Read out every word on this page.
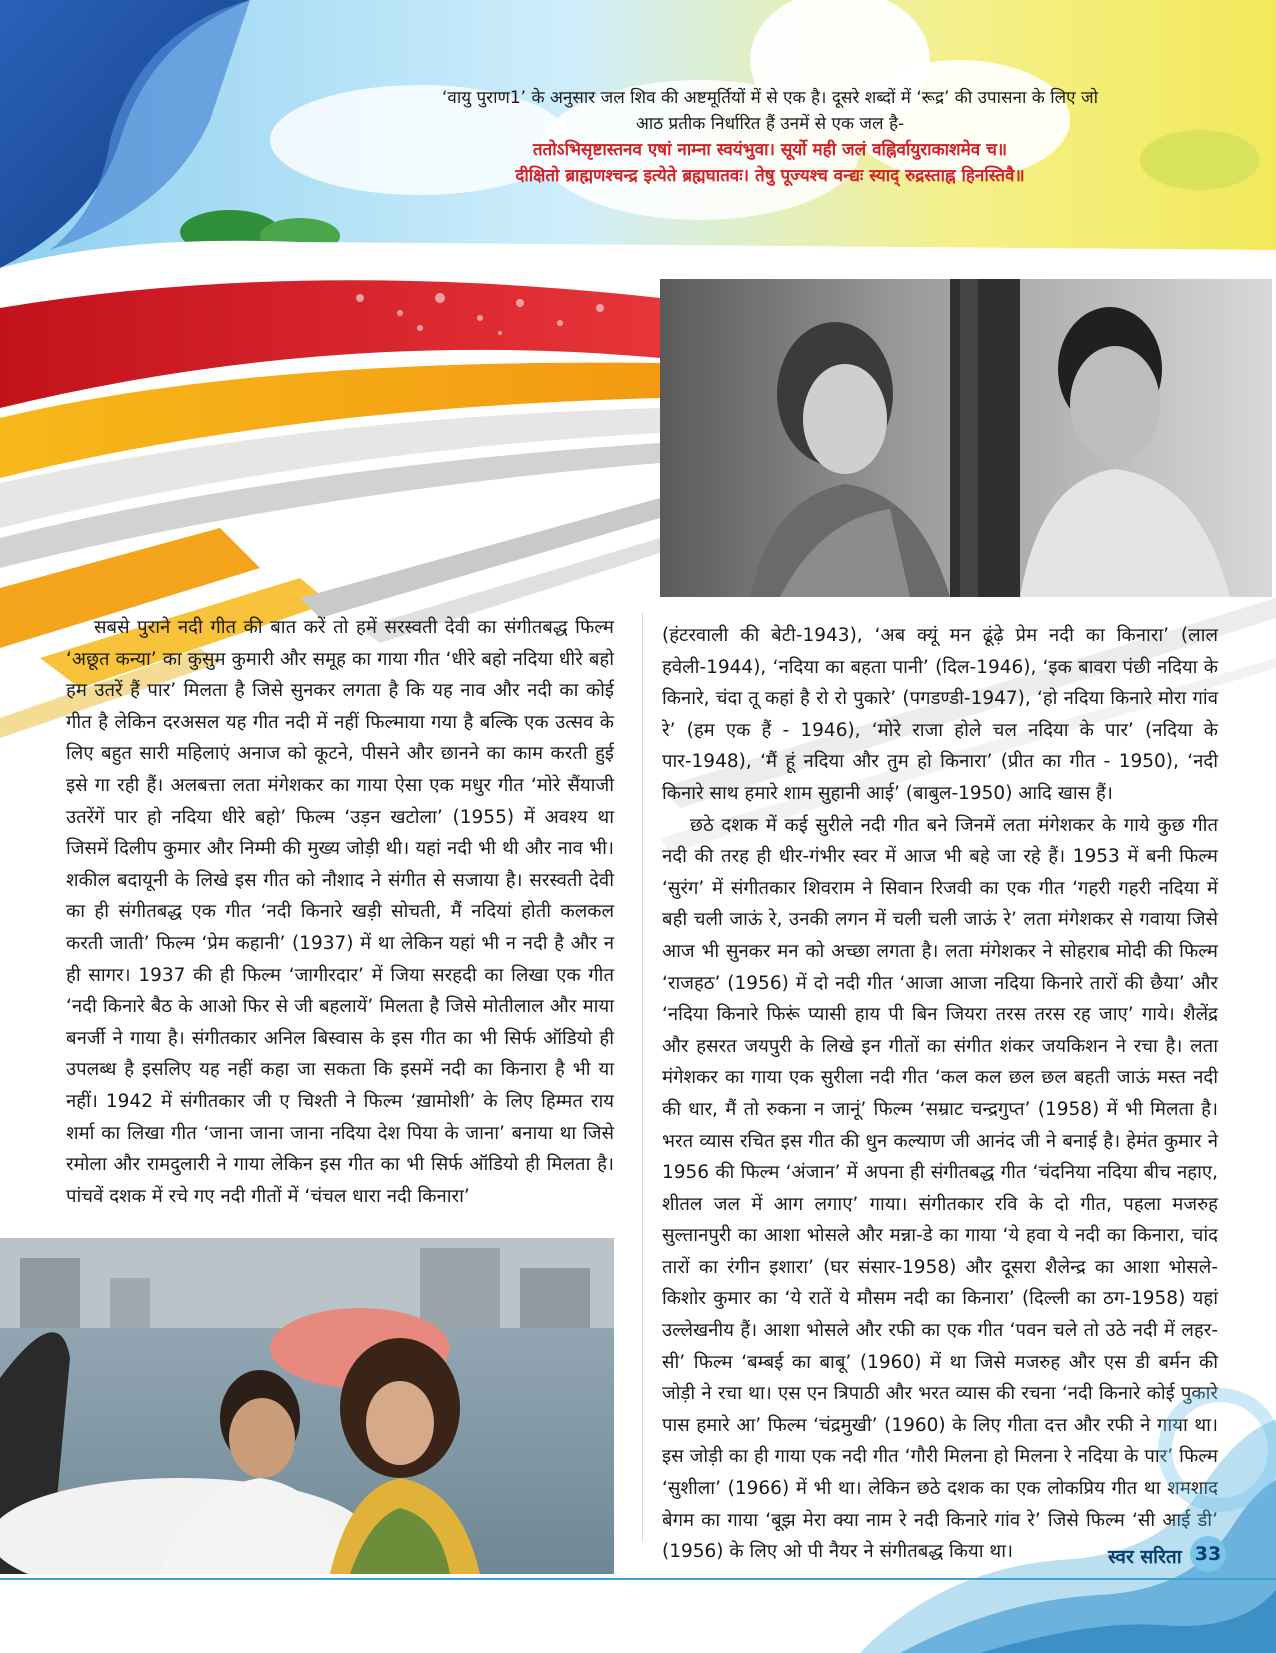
‘वायु पुराण1’ के अनुसार जल शिव की अष्टमूर्तियों में से एक है। दूसरे शब्दों में ‘रूद्र’ की उपासना के लिए जो
आठ प्रतीक निर्धारित हैं उनमें से एक जल है-
ततोऽभिसृष्टास्तनव एषां नाम्ना स्वयंभुवा। सूर्यो मही जलं वह्निर्वायुराकाशमेव च॥
दीक्षितो ब्राह्मणश्चन्द्र इत्येते ब्रह्मघातवः। तेषु पूज्यश्च वन्द्यः स्याद् रुद्रस्ताह्न हिनस्तिवै॥

सबसे पुराने नदी गीत की बात करें तो हमें सरस्वती देवी का संगीतबद्ध फिल्म ‘अछूत कन्या’ का कुसुम कुमारी और समूह का गाया गीत ‘धीरे बहो नदिया धीरे बहो हम उतरें हैं पार’ मिलता है जिसे सुनकर लगता है कि यह नाव और नदी का कोई गीत है लेकिन दरअसल यह गीत नदी में नहीं फिल्माया गया है बल्कि एक उत्सव के लिए बहुत सारी महिलाएं अनाज को कूटने, पीसने और छानने का काम करती हुई इसे गा रही हैं। अलबत्ता लता मंगेशकर का गाया ऐसा एक मधुर गीत ‘मोरे सैंयाजी उतरेंगें पार हो नदिया धीरे बहो’ फिल्म ‘उड़न खटोला’ (1955) में अवश्य था जिसमें दिलीप कुमार और निम्मी की मुख्य जोड़ी थी। यहां नदी भी थी और नाव भी। शकील बदायूनी के लिखे इस गीत को नौशाद ने संगीत से सजाया है। सरस्वती देवी का ही संगीतबद्ध एक गीत ‘नदी किनारे खड़ी सोचती, मैं नदियां होती कलकल करती जाती’ फिल्म ‘प्रेम कहानी’ (1937) में था लेकिन यहां भी न नदी है और न ही सागर। 1937 की ही फिल्म ‘जागीरदार’ में जिया सरहदी का लिखा एक गीत ‘नदी किनारे बैठ के आओ फिर से जी बहलायें’ मिलता है जिसे मोतीलाल और माया बनर्जी ने गाया है। संगीतकार अनिल बिस्वास के इस गीत का भी सिर्फ ऑडियो ही उपलब्ध है इसलिए यह नहीं कहा जा सकता कि इसमें नदी का किनारा है भी या नहीं। 1942 में संगीतकार जी ए चिश्ती ने फिल्म ‘ख़ामोशी’ के लिए हिम्मत राय शर्मा का लिखा गीत ‘जाना जाना जाना नदिया देश पिया के जाना’ बनाया था जिसे रमोला और रामदुलारी ने गाया लेकिन इस गीत का भी सिर्फ ऑडियो ही मिलता है। पांचवें दशक में रचे गए नदी गीतों में ‘चंचल धारा नदी किनारा’

(हंटरवाली की बेटी-1943), ‘अब क्यूं मन ढूंढ़े प्रेम नदी का किनारा’ (लाल हवेली-1944), ‘नदिया का बहता पानी’ (दिल-1946), ‘इक बावरा पंछी नदिया के किनारे, चंदा तू कहां है रो रो पुकारे’ (पगडण्डी-1947), ‘हो नदिया किनारे मोरा गांव रे’ (हम एक हैं - 1946), ‘मोरे राजा होले चल नदिया के पार’ (नदिया के पार-1948), ‘मैं हूं नदिया और तुम हो किनारा’ (प्रीत का गीत - 1950), ‘नदी किनारे साथ हमारे शाम सुहानी आई’ (बाबुल-1950) आदि खास हैं।

छठे दशक में कई सुरीले नदी गीत बने जिनमें लता मंगेशकर के गाये कुछ गीत नदी की तरह ही धीर-गंभीर स्वर में आज भी बहे जा रहे हैं। 1953 में बनी फिल्म ‘सुरंग’ में संगीतकार शिवराम ने सिवान रिजवी का एक गीत ‘गहरी गहरी नदिया में बही चली जाऊं रे, उनकी लगन में चली चली जाऊं रे’ लता मंगेशकर से गवाया जिसे आज भी सुनकर मन को अच्छा लगता है। लता मंगेशकर ने सोहराब मोदी की फिल्म ‘राजहठ’ (1956) में दो नदी गीत ‘आजा आजा नदिया किनारे तारों की छैया’ और ‘नदिया किनारे फिरूं प्यासी हाय पी बिन जियरा तरस तरस रह जाए’ गाये। शैलेंद्र और हसरत जयपुरी के लिखे इन गीतों का संगीत शंकर जयकिशन ने रचा है। लता मंगेशकर का गाया एक सुरीला नदी गीत ‘कल कल छल छल बहती जाऊं मस्त नदी की धार, मैं तो रुकना न जानूं’ फिल्म ‘सम्राट चन्द्रगुप्त’ (1958) में भी मिलता है। भरत व्यास रचित इस गीत की धुन कल्याण जी आनंद जी ने बनाई है। हेमंत कुमार ने 1956 की फिल्म ‘अंजान’ में अपना ही संगीतबद्ध गीत ‘चंदनिया नदिया बीच नहाए, शीतल जल में आग लगाए’ गाया। संगीतकार रवि के दो गीत, पहला मजरुह सुल्तानपुरी का आशा भोसले और मन्ना-डे का गाया ‘ये हवा ये नदी का किनारा, चांद तारों का रंगीन इशारा’ (घर संसार-1958) और दूसरा शैलेन्द्र का आशा भोसले-किशोर कुमार का ‘ये रातें ये मौसम नदी का किनारा’ (दिल्ली का ठग-1958) यहां उल्लेखनीय हैं। आशा भोसले और रफी का एक गीत ‘पवन चले तो उठे नदी में लहर-सी’ फिल्म ‘बम्बई का बाबू’ (1960) में था जिसे मजरुह और एस डी बर्मन की जोड़ी ने रचा था। एस एन त्रिपाठी और भरत व्यास की रचना ‘नदी किनारे कोई पुकारे पास हमारे आ’ फिल्म ‘चंद्रमुखी’ (1960) के लिए गीता दत्त और रफी ने गाया था। इस जोड़ी का ही गाया एक नदी गीत ‘गौरी मिलना हो मिलना रे नदिया के पार’ फिल्म ‘सुशीला’ (1966) में भी था। लेकिन छठे दशक का एक लोकप्रिय गीत था शमशाद बेगम का गाया ‘बूझ मेरा क्या नाम रे नदी किनारे गांव रे’ जिसे फिल्म ‘सी आई डी’ (1956) के लिए ओ पी नैयर ने संगीतबद्ध किया था।	स्वर सरिता 33
